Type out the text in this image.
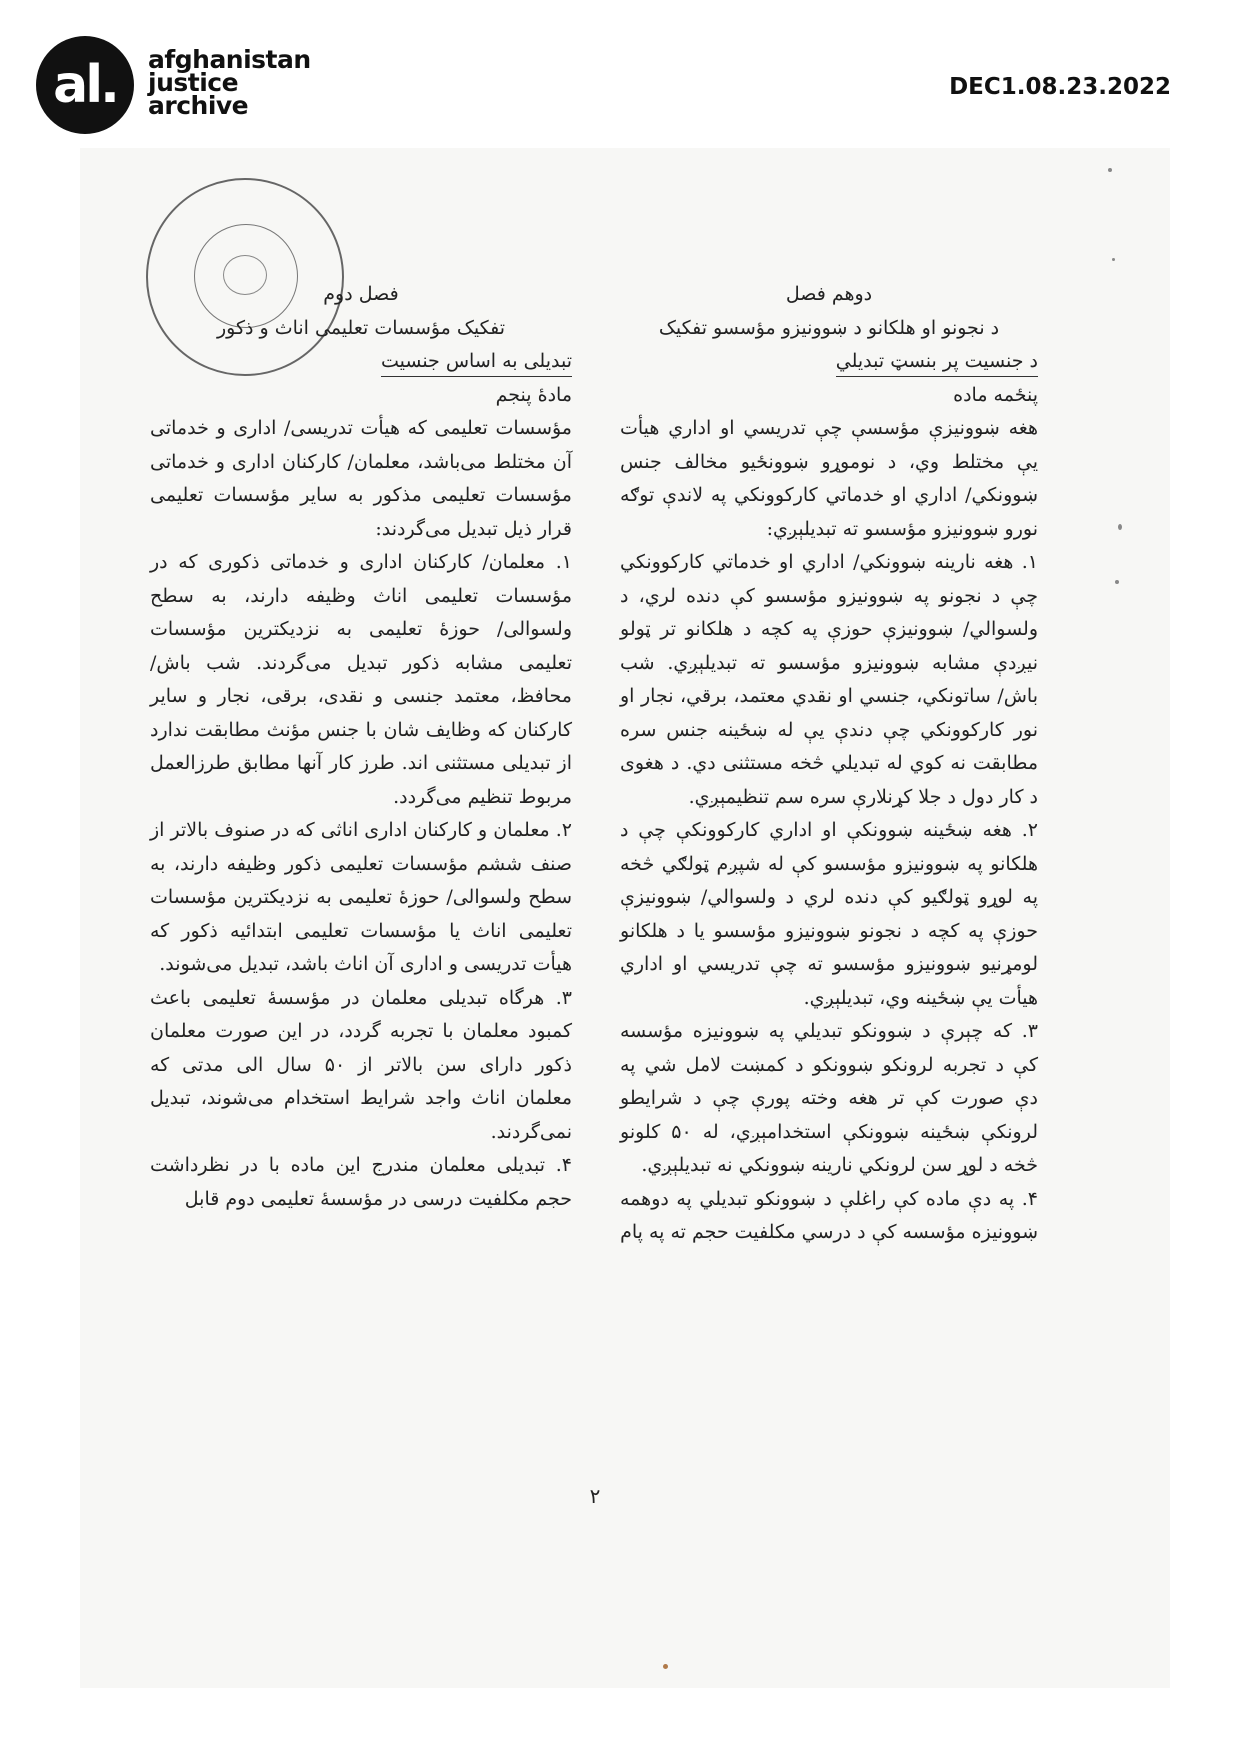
al. afghanistan
justice
archive
DEC1.08.23.2022

دوهم فصل

د نجونو او هلکانو د ښوونیزو مؤسسو تفکیک

د جنسیت پر بنسټ تبدیلي

پنځمه ماده

هغه ښوونیزې مؤسسې چې تدریسي او اداري هیأت یې مختلط وي، د نوموړو ښوونځیو مخالف جنس ښوونکي/ اداري او خدماتي کارکوونکي په لاندې توګه نورو ښوونیزو مؤسسو ته تبدیلېږي:

۱. هغه نارینه ښوونکي/ اداري او خدماتي کارکوونکي چې د نجونو په ښوونیزو مؤسسو کې دنده لري، د ولسوالي/ ښوونیزې حوزې په کچه د هلکانو تر ټولو نیږدې مشابه ښوونیزو مؤسسو ته تبدیلېږي. شب باش/ ساتونکي، جنسي او نقدي معتمد، برقي، نجار او نور کارکوونکي چې دندې یې له ښځینه جنس سره مطابقت نه کوي له تبدیلي څخه مستثنی دي. د هغوی د کار دول د جلا کړنلارې سره سم تنظیمېږي.

۲. هغه ښځینه ښوونکې او اداري کارکوونکې چې د هلکانو په ښوونیزو مؤسسو کې له شپږم ټولګي څخه په لوړو ټولګیو کې دنده لري د ولسوالي/ ښوونیزې حوزې په کچه د نجونو ښوونیزو مؤسسو یا د هلکانو لومړنیو ښوونیزو مؤسسو ته چې تدریسي او اداري هیأت یې ښځینه وي، تبدیلېږي.

۳. که چېرې د ښوونکو تبدیلي په ښوونیزه مؤسسه کې د تجربه لرونکو ښوونکو د کمښت لامل شي په دې صورت کې تر هغه وخته پورې چې د شرایطو لرونکې ښځینه ښوونکې استخدامېږي، له ۵۰ کلونو څخه د لوړ سن لرونکي نارینه ښوونکي نه تبدیلېږي.

۴. په دې ماده کې راغلې د ښوونکو تبدیلي په دوهمه ښوونیزه مؤسسه کې د درسي مکلفیت حجم ته په پام

فصل دوم

تفکیک مؤسسات تعلیمی اناث و ذکور

تبدیلی به اساس جنسیت

مادۀ پنجم

مؤسسات تعلیمی که هیأت تدریسی/ اداری و خدماتی آن مختلط می‌باشد، معلمان/ کارکنان اداری و خدماتی مؤسسات تعلیمی مذکور به سایر مؤسسات تعلیمی قرار ذیل تبدیل می‌گردند:

۱. معلمان/ کارکنان اداری و خدماتی ذکوری که در مؤسسات تعلیمی اناث وظیفه دارند، به سطح ولسوالی/ حوزۀ تعلیمی به نزدیکترین مؤسسات تعلیمی مشابه ذکور تبدیل می‌گردند. شب باش/محافظ، معتمد جنسی و نقدی، برقی، نجار و سایر کارکنان که وظایف شان با جنس مؤنث مطابقت ندارد از تبدیلی مستثنی اند. طرز کار آنها مطابق طرزالعمل مربوط تنظیم می‌گردد.

۲. معلمان و کارکنان اداری اناثی که در صنوف بالاتر از صنف ششم مؤسسات تعلیمی ذکور وظیفه دارند، به سطح ولسوالی/ حوزۀ تعلیمی به نزدیکترین مؤسسات تعلیمی اناث یا مؤسسات تعلیمی ابتدائیه ذکور که هیأت تدریسی و اداری آن اناث باشد، تبدیل می‌شوند.

۳. هرگاه تبدیلی معلمان در مؤسسۀ تعلیمی باعث کمبود معلمان با تجربه گردد، در این صورت معلمان ذکور دارای سن بالاتر از ۵۰ سال الی مدتی که معلمان اناث واجد شرایط استخدام می‌شوند، تبدیل نمی‌گردند.

۴. تبدیلی معلمان مندرج این ماده با در نظرداشت حجم مکلفیت درسی در مؤسسۀ تعلیمی دوم قابل

۲
